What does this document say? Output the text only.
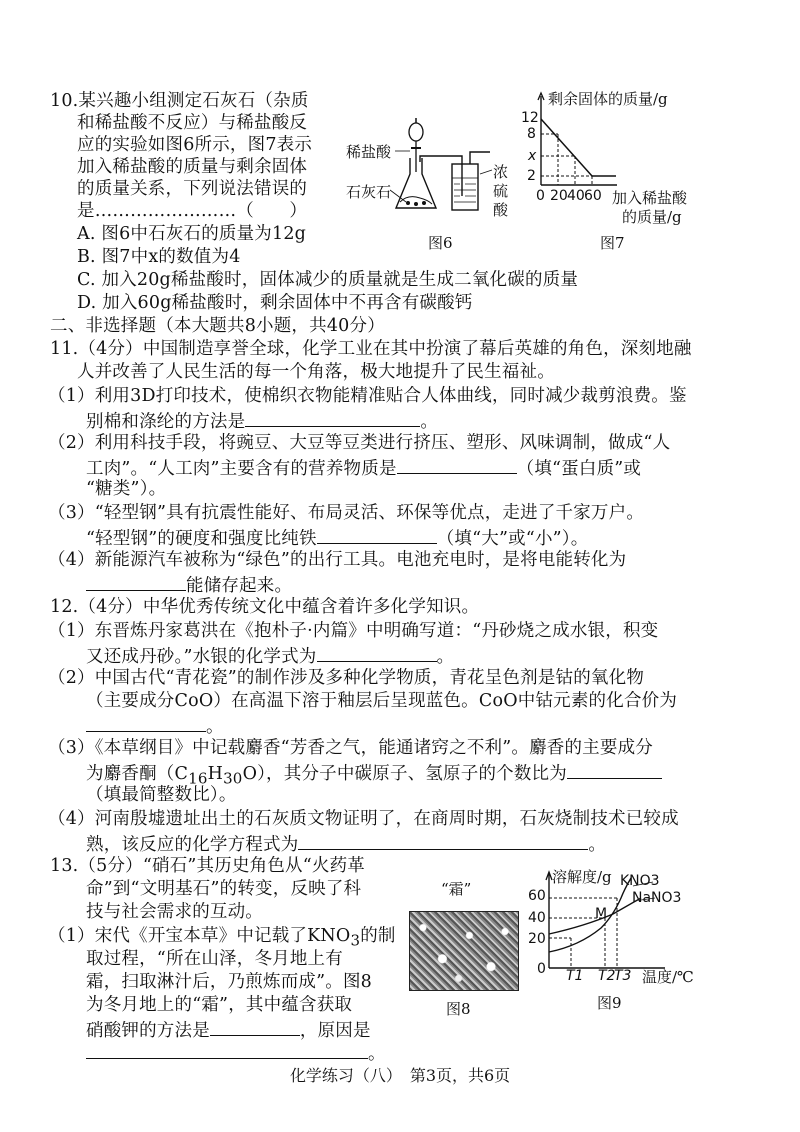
10.某兴趣小组测定石灰石（杂质
和稀盐酸不反应）与稀盐酸反
应的实验如图6所示，图7表示
加入稀盐酸的质量与剩余固体
的质量关系，下列说法错误的
是……………………（　　）
A. 图6中石灰石的质量为12g
B. 图7中x的数值为4
C. 加入20g稀盐酸时，固体减少的质量就是生成二氧化碳的质量
D. 加入60g稀盐酸时，剩余固体中不再含有碳酸钙
稀盐酸
石灰石
浓
硫
酸
图6
剩余固体的质量/g
12
8
x
2
0 20 40 60 加入稀盐酸
的质量/g
图7
二、非选择题（本大题共8小题，共40分）
11.（4分）中国制造享誉全球，化学工业在其中扮演了幕后英雄的角色，深刻地融
人并改善了人民生活的每一个角落，极大地提升了民生福祉。
（1）利用3D打印技术，使棉织衣物能精准贴合人体曲线，同时减少裁剪浪费。鉴
别棉和涤纶的方法是	。
（2）利用科技手段，将豌豆、大豆等豆类进行挤压、塑形、风味调制，做成“人
工肉”。“人工肉”主要含有的营养物质是	（填“蛋白质”或
“糖类”）。
（3）“轻型钢”具有抗震性能好、布局灵活、环保等优点，走进了千家万户。
“轻型钢”的硬度和强度比纯铁	（填“大”或“小”）。
（4）新能源汽车被称为“绿色”的出行工具。电池充电时，是将电能转化为
能储存起来。
12.（4分）中华优秀传统文化中蕴含着许多化学知识。
（1）东晋炼丹家葛洪在《抱朴子·内篇》中明确写道：“丹砂烧之成水银，积变
又还成丹砂。”水银的化学式为	。
（2）中国古代“青花瓷”的制作涉及多种化学物质，青花呈色剂是钴的氧化物
（主要成分CoO）在高温下溶于釉层后呈现蓝色。CoO中钴元素的化合价为
。
（3）《本草纲目》中记载麝香“芳香之气，能通诸窍之不利”。麝香的主要成分
为麝香酮$(C_{16}H_{30}O)$，其分子中碳原子、氢原子的个数比为
（填最简整数比）。
（4）河南殷墟遗址出土的石灰质文物证明了，在商周时期，石灰烧制技术已较成
熟，该反应的化学方程式为	。
13.（5分）“硝石”其历史角色从“火药革
命”到“文明基石”的转变，反映了科
技与社会需求的互动。
（1）宋代《开宝本草》中记载了$KNO_3$的制
取过程，“所在山泽，冬月地上有
霜，扫取淋汁后，乃煎炼而成”。图8
为冬月地上的“霜”，其中蕴含获取
硝酸钾的方法是	，原因是
。
“霜”
图8
溶解度/g KNO3
NaNO3
M
60
40
20
0 T1 T2
T3 温度/℃
图9
化学练习（八）　第3页，共6页
